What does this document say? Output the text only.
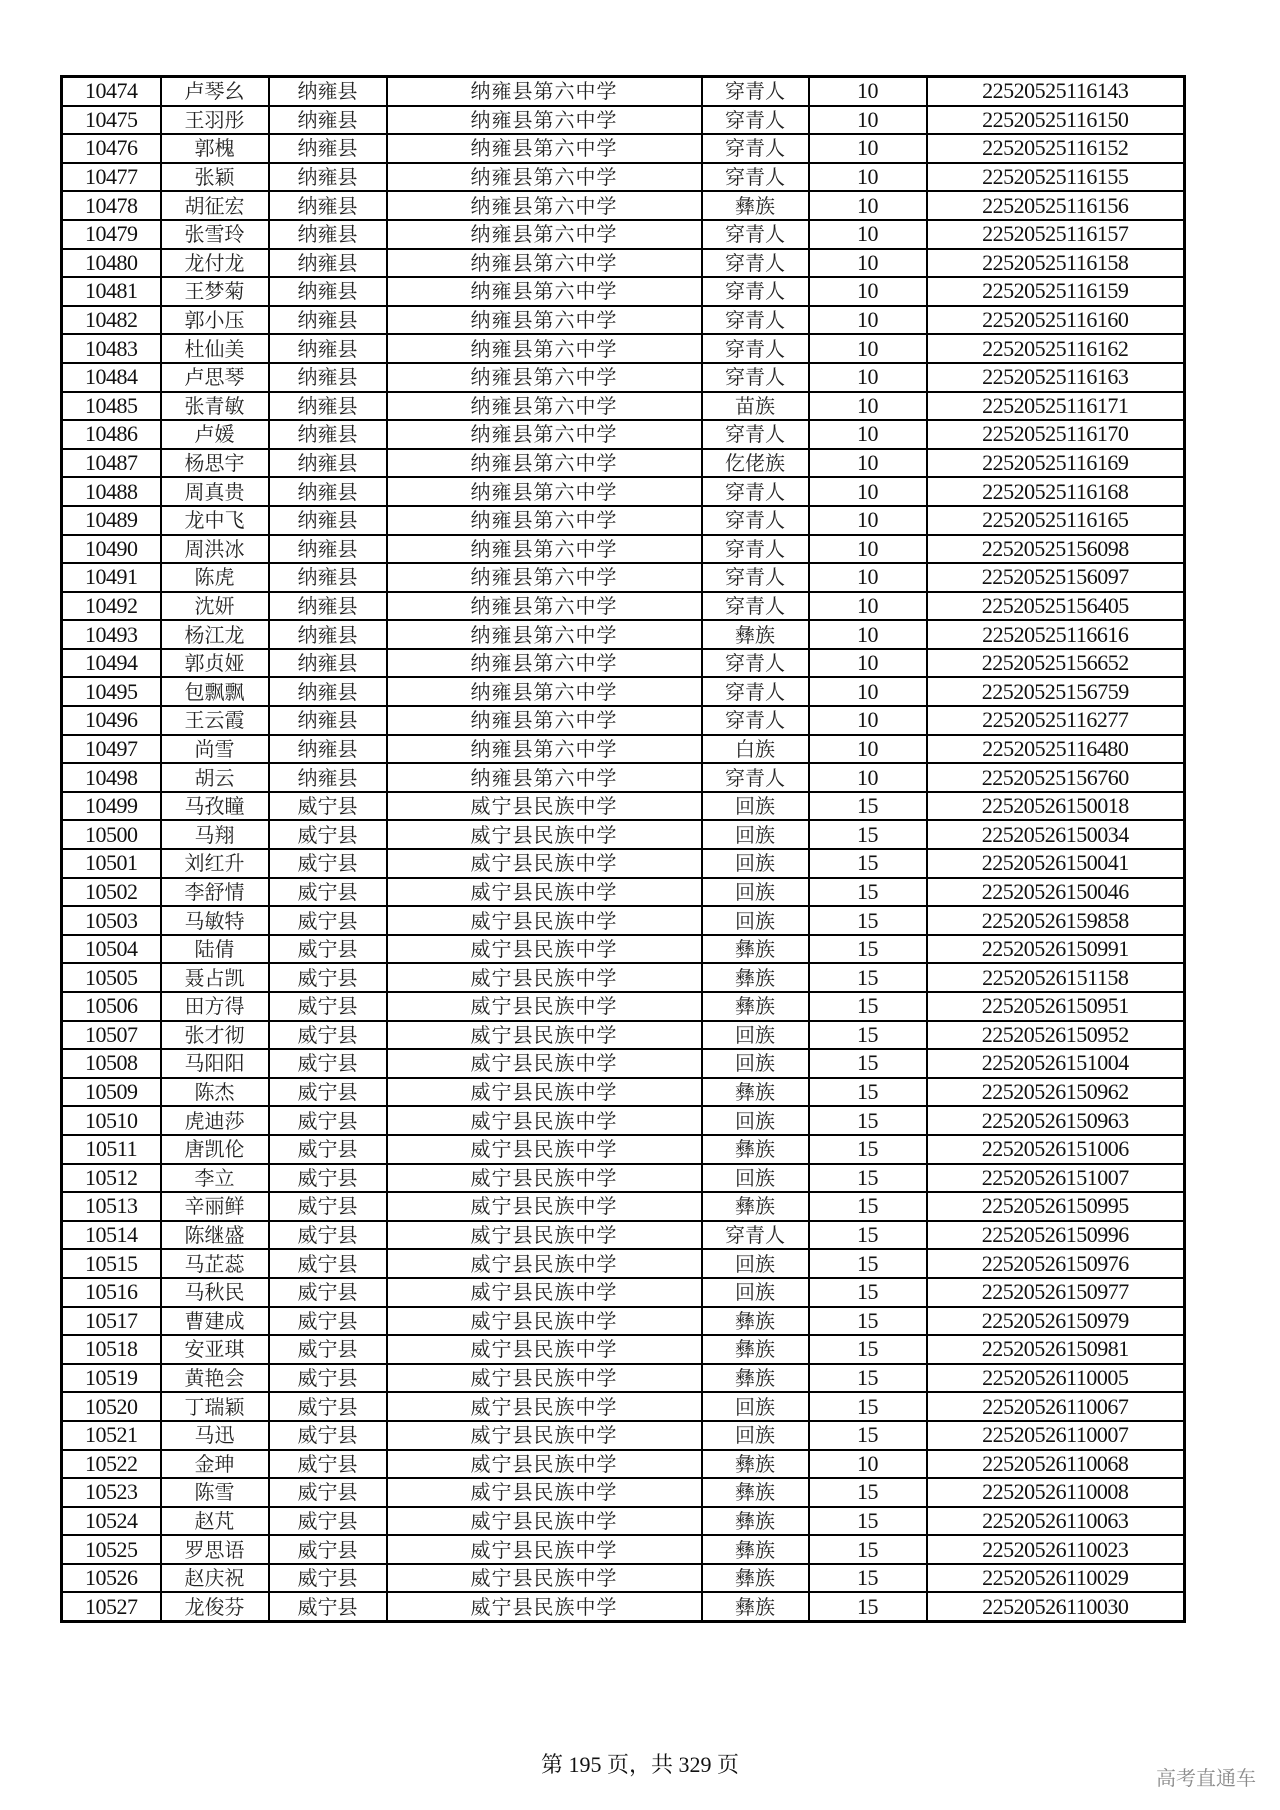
10474	卢琴幺	纳雍县	纳雍县第六中学	穿青人	10	22520525116143
10475	王羽彤	纳雍县	纳雍县第六中学	穿青人	10	22520525116150
10476	郭槐	纳雍县	纳雍县第六中学	穿青人	10	22520525116152
10477	张颖	纳雍县	纳雍县第六中学	穿青人	10	22520525116155
10478	胡征宏	纳雍县	纳雍县第六中学	彝族	10	22520525116156
10479	张雪玲	纳雍县	纳雍县第六中学	穿青人	10	22520525116157
10480	龙付龙	纳雍县	纳雍县第六中学	穿青人	10	22520525116158
10481	王梦菊	纳雍县	纳雍县第六中学	穿青人	10	22520525116159
10482	郭小压	纳雍县	纳雍县第六中学	穿青人	10	22520525116160
10483	杜仙美	纳雍县	纳雍县第六中学	穿青人	10	22520525116162
10484	卢思琴	纳雍县	纳雍县第六中学	穿青人	10	22520525116163
10485	张青敏	纳雍县	纳雍县第六中学	苗族	10	22520525116171
10486	卢媛	纳雍县	纳雍县第六中学	穿青人	10	22520525116170
10487	杨思宇	纳雍县	纳雍县第六中学	仡佬族	10	22520525116169
10488	周真贵	纳雍县	纳雍县第六中学	穿青人	10	22520525116168
10489	龙中飞	纳雍县	纳雍县第六中学	穿青人	10	22520525116165
10490	周洪冰	纳雍县	纳雍县第六中学	穿青人	10	22520525156098
10491	陈虎	纳雍县	纳雍县第六中学	穿青人	10	22520525156097
10492	沈妍	纳雍县	纳雍县第六中学	穿青人	10	22520525156405
10493	杨江龙	纳雍县	纳雍县第六中学	彝族	10	22520525116616
10494	郭贞娅	纳雍县	纳雍县第六中学	穿青人	10	22520525156652
10495	包飘飘	纳雍县	纳雍县第六中学	穿青人	10	22520525156759
10496	王云霞	纳雍县	纳雍县第六中学	穿青人	10	22520525116277
10497	尚雪	纳雍县	纳雍县第六中学	白族	10	22520525116480
10498	胡云	纳雍县	纳雍县第六中学	穿青人	10	22520525156760
10499	马孜瞳	威宁县	威宁县民族中学	回族	15	22520526150018
10500	马翔	威宁县	威宁县民族中学	回族	15	22520526150034
10501	刘红升	威宁县	威宁县民族中学	回族	15	22520526150041
10502	李舒情	威宁县	威宁县民族中学	回族	15	22520526150046
10503	马敏特	威宁县	威宁县民族中学	回族	15	22520526159858
10504	陆倩	威宁县	威宁县民族中学	彝族	15	22520526150991
10505	聂占凯	威宁县	威宁县民族中学	彝族	15	22520526151158
10506	田方得	威宁县	威宁县民族中学	彝族	15	22520526150951
10507	张才彻	威宁县	威宁县民族中学	回族	15	22520526150952
10508	马阳阳	威宁县	威宁县民族中学	回族	15	22520526151004
10509	陈杰	威宁县	威宁县民族中学	彝族	15	22520526150962
10510	虎迪莎	威宁县	威宁县民族中学	回族	15	22520526150963
10511	唐凯伦	威宁县	威宁县民族中学	彝族	15	22520526151006
10512	李立	威宁县	威宁县民族中学	回族	15	22520526151007
10513	辛丽鲜	威宁县	威宁县民族中学	彝族	15	22520526150995
10514	陈继盛	威宁县	威宁县民族中学	穿青人	15	22520526150996
10515	马芷蕊	威宁县	威宁县民族中学	回族	15	22520526150976
10516	马秋民	威宁县	威宁县民族中学	回族	15	22520526150977
10517	曹建成	威宁县	威宁县民族中学	彝族	15	22520526150979
10518	安亚琪	威宁县	威宁县民族中学	彝族	15	22520526150981
10519	黄艳会	威宁县	威宁县民族中学	彝族	15	22520526110005
10520	丁瑞颖	威宁县	威宁县民族中学	回族	15	22520526110067
10521	马迅	威宁县	威宁县民族中学	回族	15	22520526110007
10522	金珅	威宁县	威宁县民族中学	彝族	10	22520526110068
10523	陈雪	威宁县	威宁县民族中学	彝族	15	22520526110008
10524	赵芃	威宁县	威宁县民族中学	彝族	15	22520526110063
10525	罗思语	威宁县	威宁县民族中学	彝族	15	22520526110023
10526	赵庆祝	威宁县	威宁县民族中学	彝族	15	22520526110029
10527	龙俊芬	威宁县	威宁县民族中学	彝族	15	22520526110030
第 195 页，共 329 页
高考直通车
